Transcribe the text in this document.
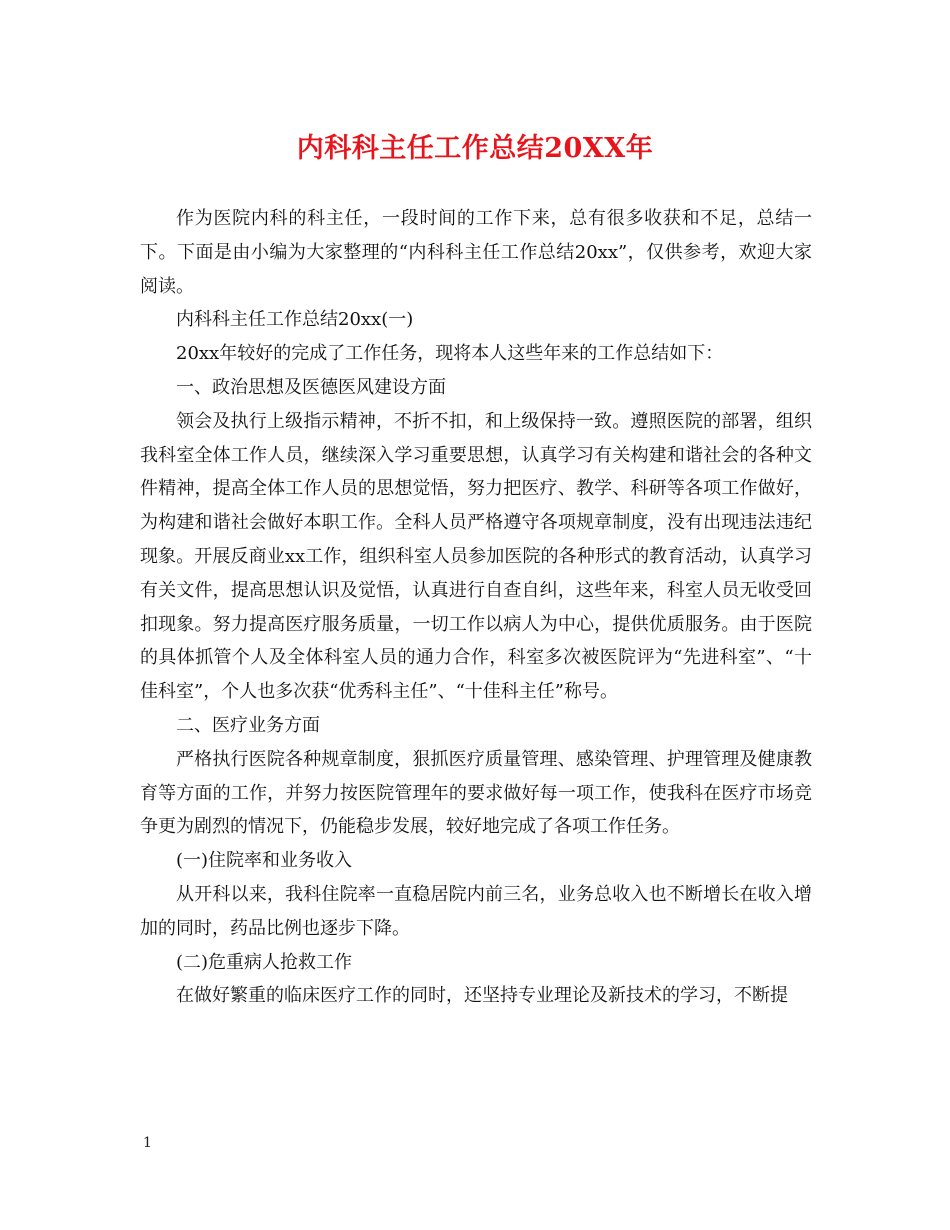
内科科主任工作总结20XX年

作为医院内科的科主任，一段时间的工作下来，总有很多收获和不足，总结一下。下面是由小编为大家整理的“内科科主任工作总结20xx”，仅供参考，欢迎大家阅读。

内科科主任工作总结20xx(一)

20xx年较好的完成了工作任务，现将本人这些年来的工作总结如下：

一、政治思想及医德医风建设方面

领会及执行上级指示精神，不折不扣，和上级保持一致。遵照医院的部署，组织我科室全体工作人员，继续深入学习重要思想，认真学习有关构建和谐社会的各种文件精神，提高全体工作人员的思想觉悟，努力把医疗、教学、科研等各项工作做好，为构建和谐社会做好本职工作。全科人员严格遵守各项规章制度，没有出现违法违纪现象。开展反商业xx工作，组织科室人员参加医院的各种形式的教育活动，认真学习有关文件，提高思想认识及觉悟，认真进行自查自纠，这些年来，科室人员无收受回扣现象。努力提高医疗服务质量，一切工作以病人为中心，提供优质服务。由于医院的具体抓管个人及全体科室人员的通力合作，科室多次被医院评为“先进科室”、“十佳科室”，个人也多次获“优秀科主任”、“十佳科主任”称号。

二、医疗业务方面

严格执行医院各种规章制度，狠抓医疗质量管理、感染管理、护理管理及健康教育等方面的工作，并努力按医院管理年的要求做好每一项工作，使我科在医疗市场竞争更为剧烈的情况下，仍能稳步发展，较好地完成了各项工作任务。

(一)住院率和业务收入

从开科以来，我科住院率一直稳居院内前三名，业务总收入也不断增长在收入增加的同时，药品比例也逐步下降。

(二)危重病人抢救工作

在做好繁重的临床医疗工作的同时，还坚持专业理论及新技术的学习，不断提

1
